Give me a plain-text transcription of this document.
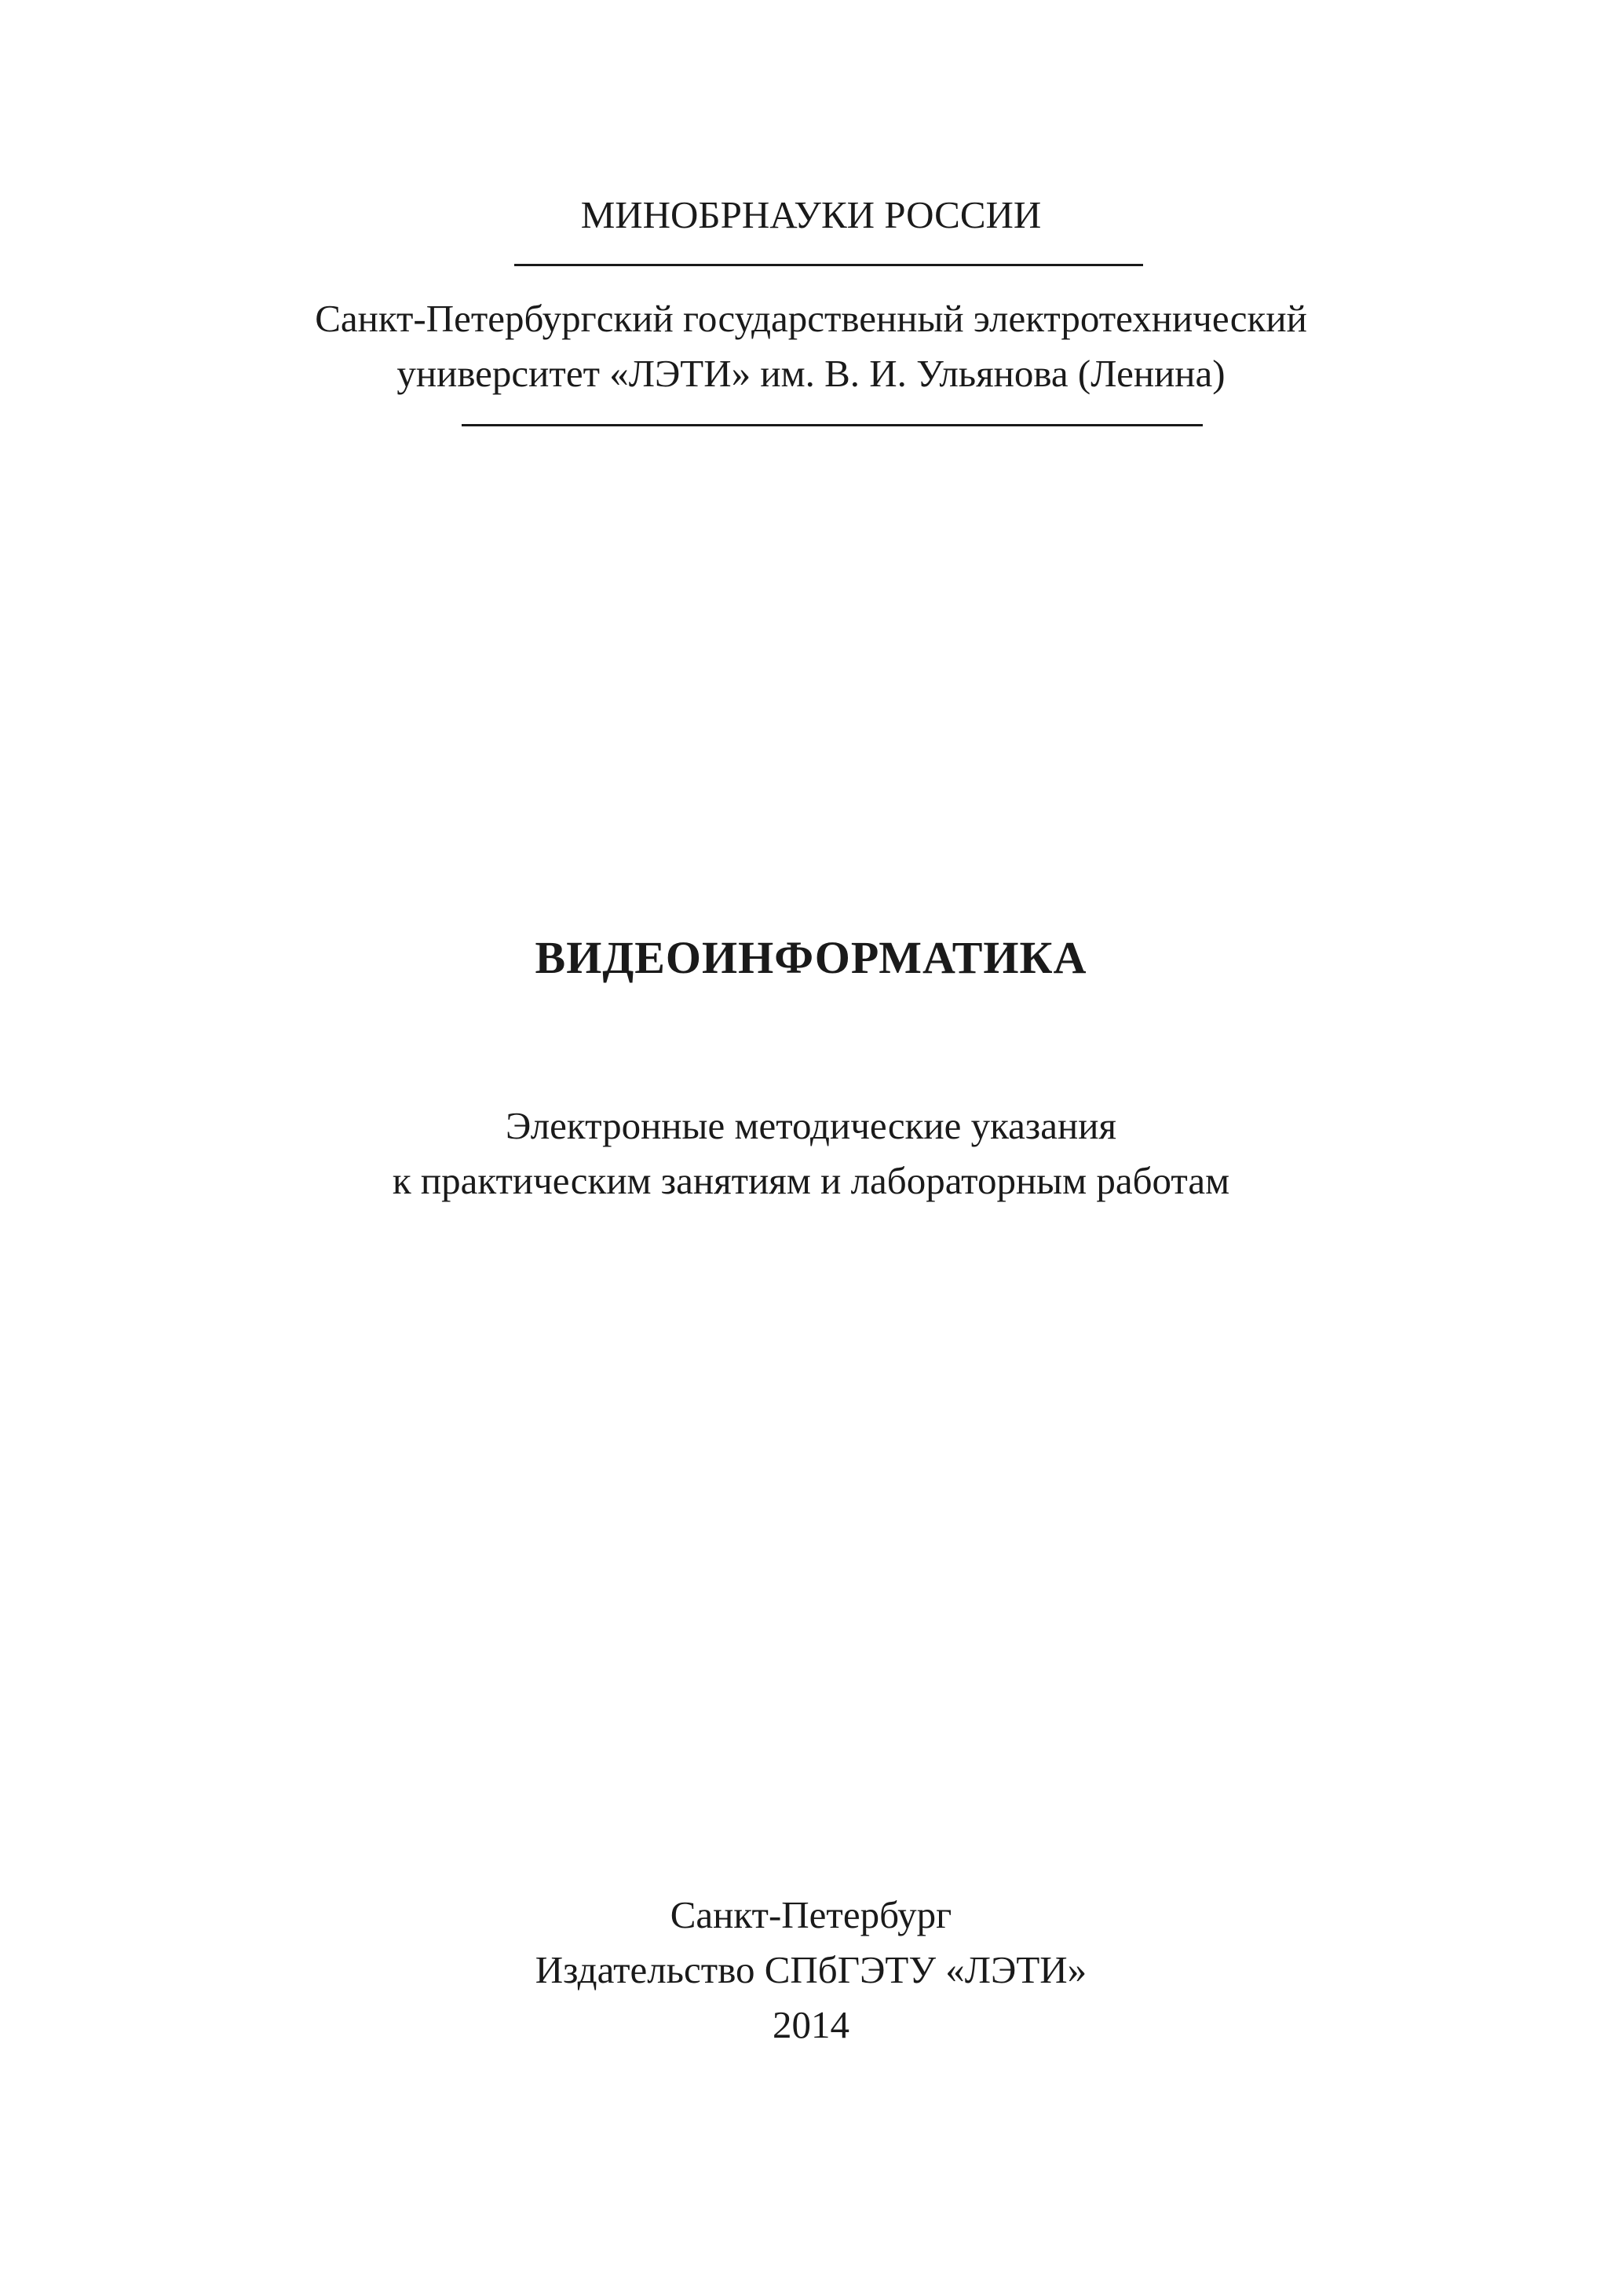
МИНОБРНАУКИ РОССИИ
Санкт-Петербургский государственный электротехнический
университет «ЛЭТИ» им. В. И. Ульянова (Ленина)
ВИДЕОИНФОРМАТИКА
Электронные методические указания
к практическим занятиям и лабораторным работам
Санкт-Петербург
Издательство СПбГЭТУ «ЛЭТИ»
2014
